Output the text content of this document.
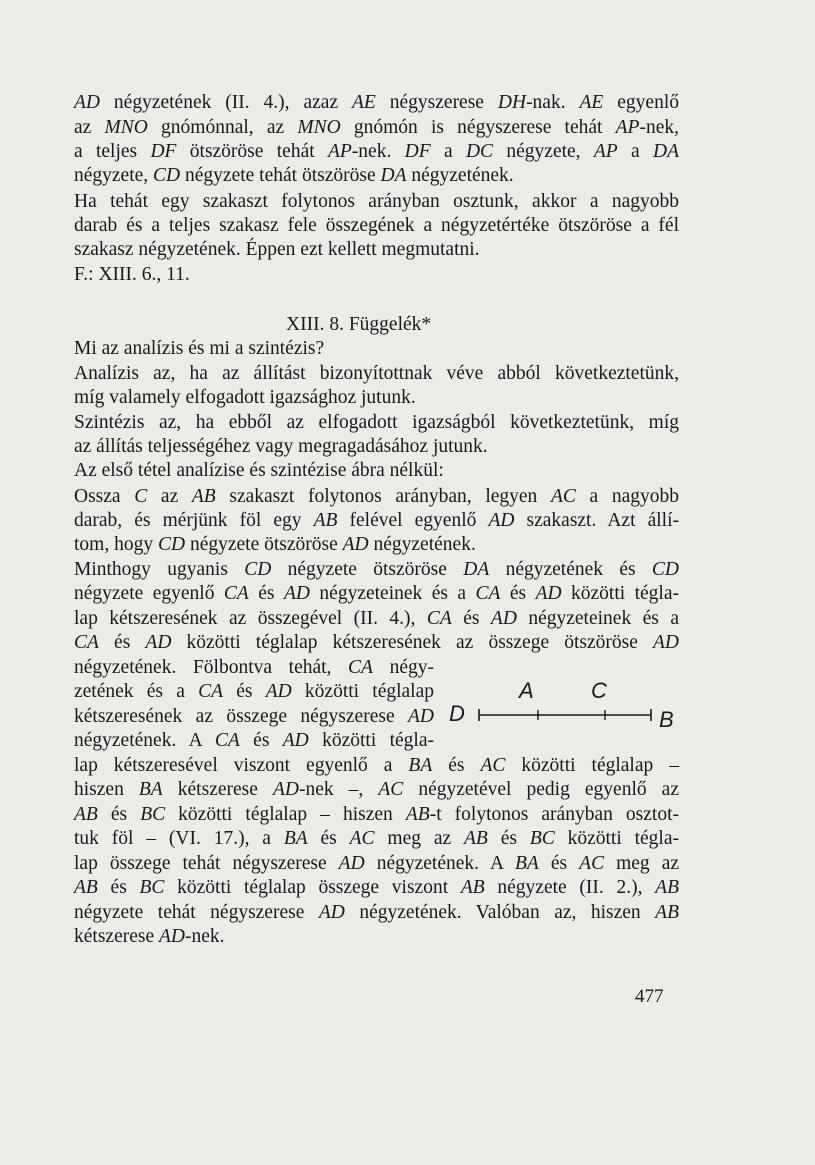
AD négyzetének (II. 4.), azaz AE négyszerese DH-nak. AE egyenlő
az MNO gnómónnal, az MNO gnómón is négyszerese tehát AP-nek,
a teljes DF ötszöröse tehát AP-nek. DF a DC négyzete, AP a DA
négyzete, CD négyzete tehát ötszöröse DA négyzetének.
Ha tehát egy szakaszt folytonos arányban osztunk, akkor a nagyobb
darab és a teljes szakasz fele összegének a négyzetértéke ötszöröse a fél
szakasz négyzetének. Éppen ezt kellett megmutatni.
F.: XIII. 6., 11.
XIII. 8. Függelék*
Mi az analízis és mi a szintézis?
Analízis az, ha az állítást bizonyítottnak véve abból következtetünk,
míg valamely elfogadott igazsághoz jutunk.
Szintézis az, ha ebből az elfogadott igazságból következtetünk, míg
az állítás teljességéhez vagy megragadásához jutunk.
Az első tétel analízise és szintézise ábra nélkül:
Ossza C az AB szakaszt folytonos arányban, legyen AC a nagyobb
darab, és mérjünk föl egy AB felével egyenlő AD szakaszt. Azt állí-
tom, hogy CD négyzete ötszöröse AD négyzetének.
Minthogy ugyanis CD négyzete ötszöröse DA négyzetének és CD
négyzete egyenlő CA és AD négyzeteinek és a CA és AD közötti tégla-
lap kétszeresének az összegével (II. 4.), CA és AD négyzeteinek és a
CA és AD közötti téglalap kétszeresének az összege ötszöröse AD
négyzetének. Fölbontva tehát, CA négy-
zetének és a CA és AD közötti téglalap
kétszeresének az összege négyszerese AD
négyzetének. A CA és AD közötti tégla-
lap kétszeresével viszont egyenlő a BA és AC közötti téglalap –
hiszen BA kétszerese AD-nek –, AC négyzetével pedig egyenlő az
AB és BC közötti téglalap – hiszen AB-t folytonos arányban osztot-
tuk föl – (VI. 17.), a BA és AC meg az AB és BC közötti tégla-
lap összege tehát négyszerese AD négyzetének. A BA és AC meg az
AB és BC közötti téglalap összege viszont AB négyzete (II. 2.), AB
négyzete tehát négyszerese AD négyzetének. Valóban az, hiszen AB
kétszerese AD-nek.
A	C
D	B
477
